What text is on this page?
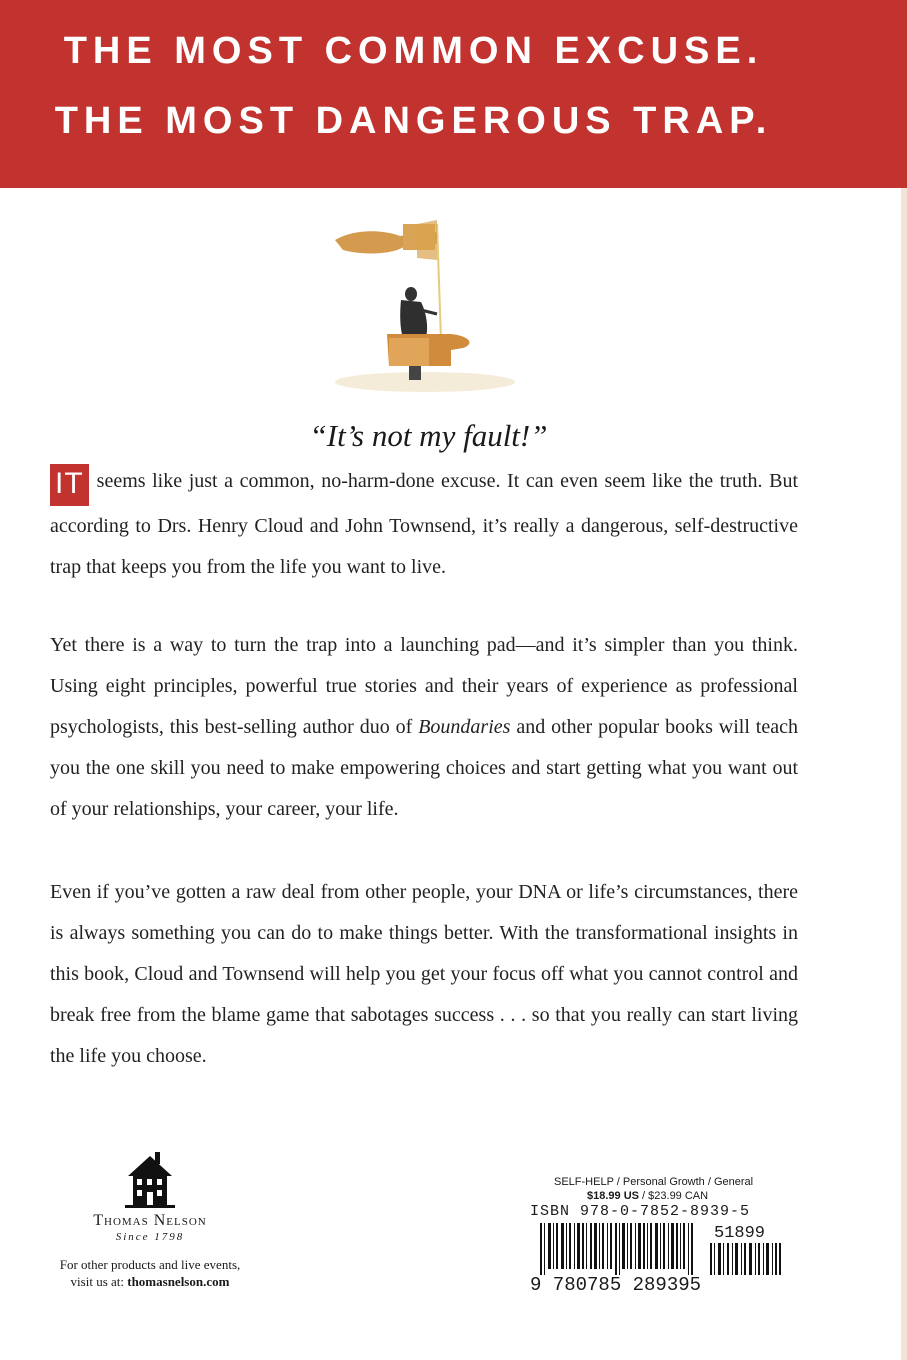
THE MOST COMMON EXCUSE.
THE MOST DANGEROUS TRAP.
“It’s not my fault!”
IT seems like just a common, no-harm-done excuse. It can even seem like the truth. But according to Drs. Henry Cloud and John Townsend, it’s really a dangerous, self-destructive trap that keeps you from the life you want to live.
Yet there is a way to turn the trap into a launching pad—and it’s simpler than you think. Using eight principles, powerful true stories and their years of experience as professional psychologists, this best-selling author duo of Boundaries and other popular books will teach you the one skill you need to make empowering choices and start getting what you want out of your relationships, your career, your life.
Even if you’ve gotten a raw deal from other people, your DNA or life’s circumstances, there is always something you can do to make things better. With the transformational insights in this book, Cloud and Townsend will help you get your focus off what you cannot control and break free from the blame game that sabotages success . . . so that you really can start living the life you choose.
Thomas Nelson
Since 1798
For other products and live events,
visit us at: thomasnelson.com
SELF-HELP / Personal Growth / General
$18.99 US / $23.99 CAN
ISBN 978-0-7852-8939-5
9 780785 289395
51899
